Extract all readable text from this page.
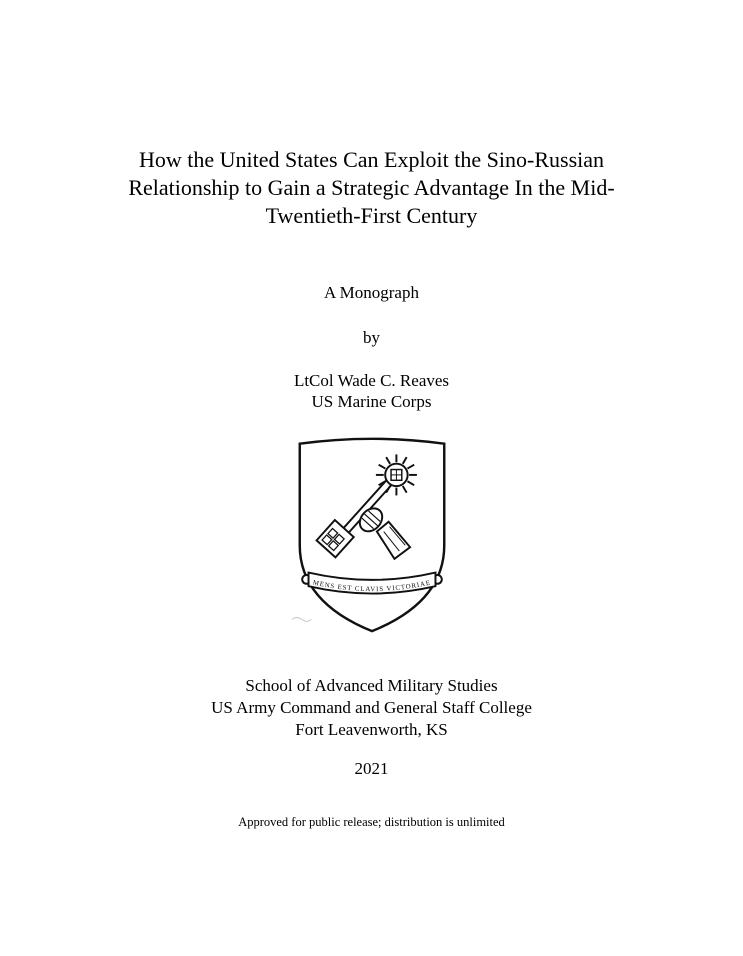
How the United States Can Exploit the Sino-Russian
Relationship to Gain a Strategic Advantage In the Mid-
Twentieth-First Century
A Monograph
by
LtCol Wade C. Reaves
US Marine Corps
MENS EST CLAVIS VICTORIAE
School of Advanced Military Studies
US Army Command and General Staff College
Fort Leavenworth, KS
2021
Approved for public release; distribution is unlimited
